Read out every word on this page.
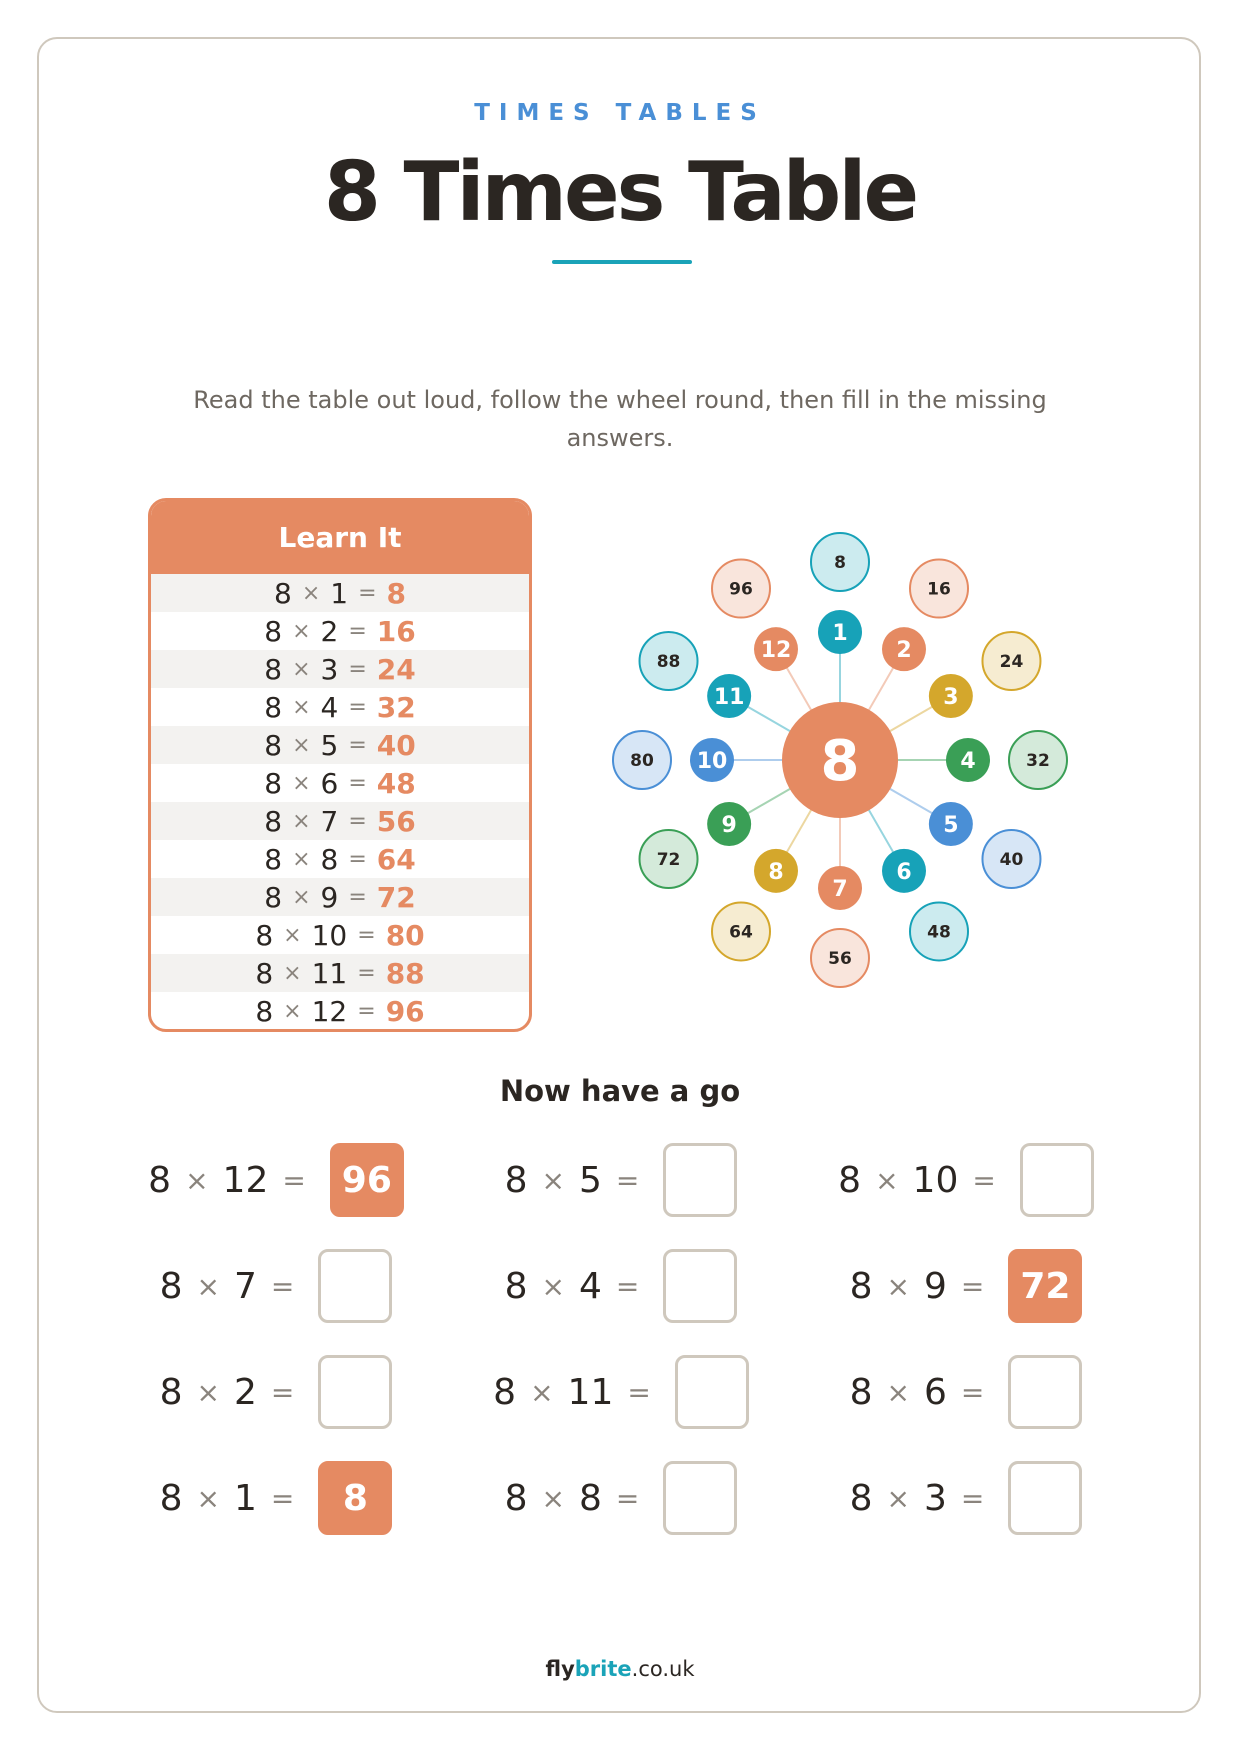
TIMES TABLES
8 Times Table
Read the table out loud, follow the wheel round, then fill in the missing answers.
Learn It
8 × 1 = 8
8 × 2 = 16
8 × 3 = 24
8 × 4 = 32
8 × 5 = 40
8 × 6 = 48
8 × 7 = 56
8 × 8 = 64
8 × 9 = 72
8 × 10 = 80
8 × 11 = 88
8 × 12 = 96
8
1
16
2	24
3
32
4
40
5
48
6
56
7
64
8
72
9
80 10
88
11
96
12
8
Now have a go
8 × 12 = 96	8 × 5 =	8 × 10 =
8 × 7 =	8 × 4 =	8 × 9 = 72
8 × 2 =	8 × 11 =	8 × 6 =
8 × 1 =	8	8 × 8 =	8 × 3 =
flybrite.co.uk
